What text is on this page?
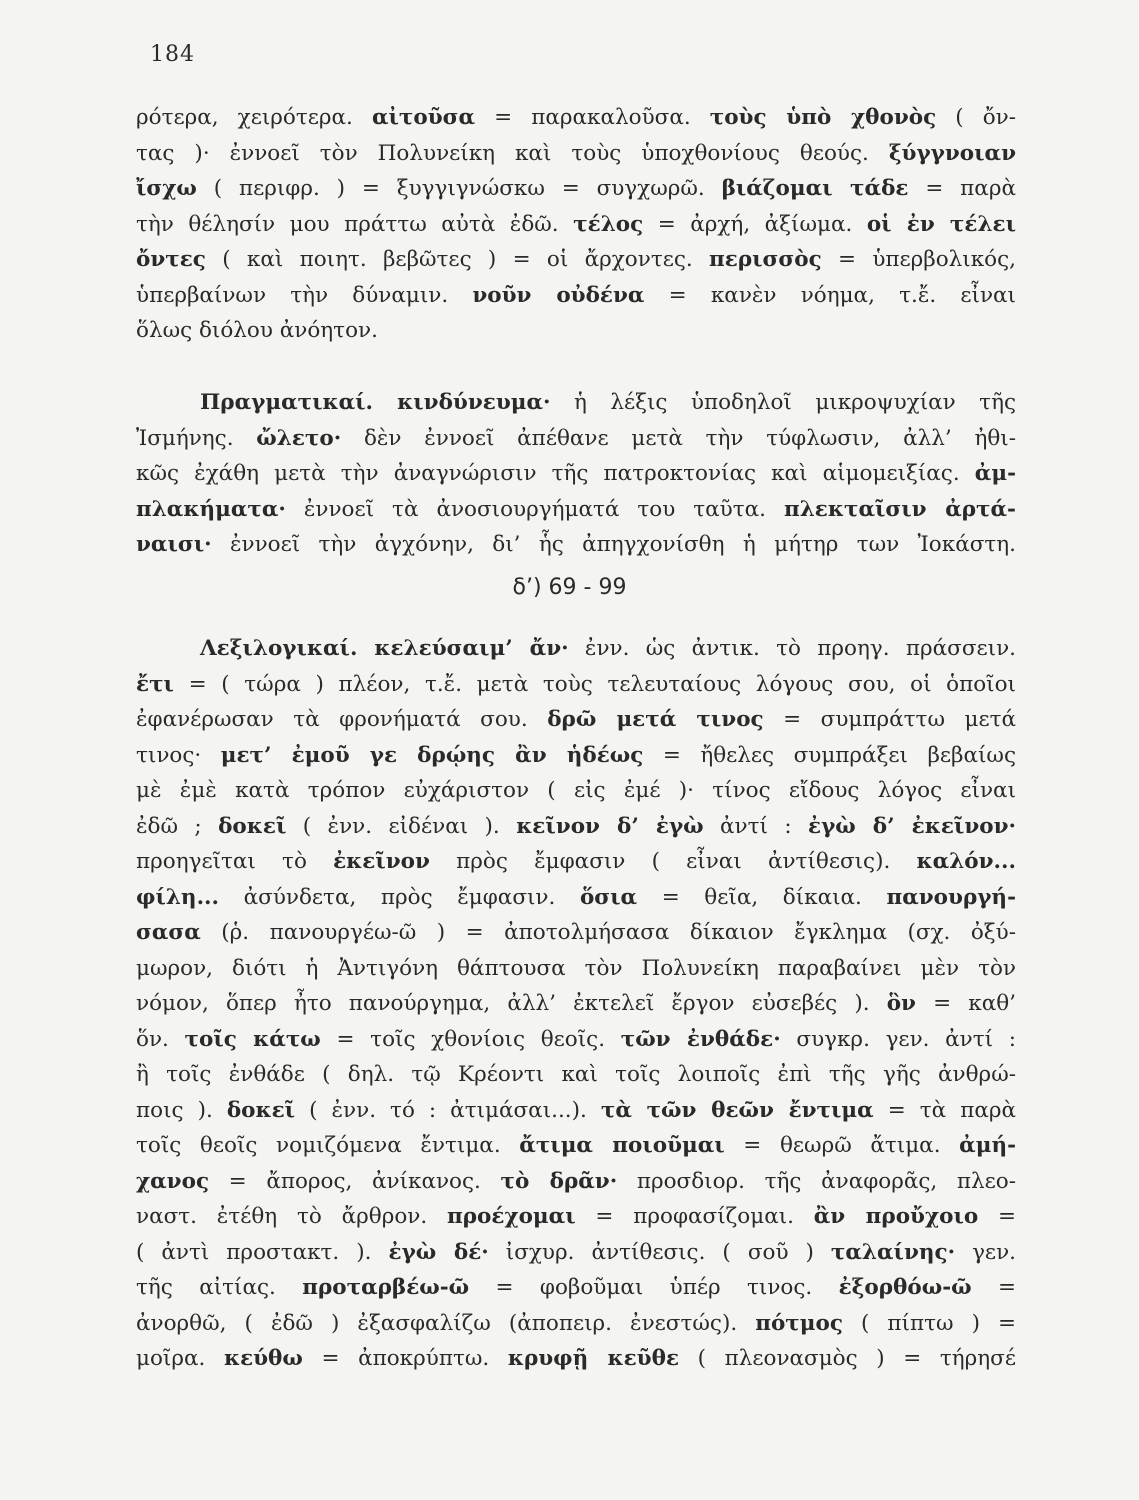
184
ρότερα, χειρότερα. αἰτοῦσα = παρακαλοῦσα. τοὺς ὑπὸ χθονὸς ( ὄν-
τας )· ἐννοεῖ τὸν Πολυνείκη καὶ τοὺς ὑποχθονίους θεούς. ξύγγνοιαν
ἴσχω ( περιφρ. ) = ξυγγιγνώσκω = συγχωρῶ. βιάζομαι τάδε = παρὰ
τὴν θέλησίν μου πράττω αὐτὰ ἐδῶ. τέλος = ἀρχή, ἀξίωμα. οἱ ἐν τέλει
ὄντες ( καὶ ποιητ. βεβῶτες ) = οἱ ἄρχοντες. περισσὸς = ὑπερβολικός,
ὑπερβαίνων τὴν δύναμιν. νοῦν οὐδένα = κανὲν νόημα, τ.ἔ. εἶναι
ὅλως διόλου ἀνόητον.
Πραγματικαί. κινδύνευμα· ἡ λέξις ὑποδηλοῖ μικροψυχίαν τῆς
Ἰσμήνης. ὤλετο· δὲν ἐννοεῖ ἀπέθανε μετὰ τὴν τύφλωσιν, ἀλλ’ ἠθι-
κῶς ἐχάθη μετὰ τὴν ἀναγνώρισιν τῆς πατροκτονίας καὶ αἱμομειξίας. ἀμ-
πλακήματα· ἐννοεῖ τὰ ἀνοσιουργήματά του ταῦτα. πλεκταῖσιν ἀρτά-
ναισι· ἐννοεῖ τὴν ἀγχόνην, δι’ ἧς ἀπηγχονίσθη ἡ μήτηρ των Ἰοκάστη.
δ’) 69 - 99
Λεξιλογικαί. κελεύσαιμ’ ἄν· ἐνν. ὡς ἀντικ. τὸ προηγ. πράσσειν.
ἔτι = ( τώρα ) πλέον, τ.ἔ. μετὰ τοὺς τελευταίους λόγους σου, οἱ ὁποῖοι
ἐφανέρωσαν τὰ φρονήματά σου. δρῶ μετά τινος = συμπράττω μετά
τινος· μετ’ ἐμοῦ γε δρῴης ἂν ἡδέως = ἤθελες συμπράξει βεβαίως
μὲ ἐμὲ κατὰ τρόπον εὐχάριστον ( εἰς ἐμέ )· τίνος εἴδους λόγος εἶναι
ἐδῶ ; δοκεῖ ( ἐνν. εἰδέναι ). κεῖνον δ’ ἐγὼ ἀντί : ἐγὼ δ’ ἐκεῖνον·
προηγεῖται τὸ ἐκεῖνον πρὸς ἔμφασιν ( εἶναι ἀντίθεσις). καλόν...
φίλη... ἀσύνδετα, πρὸς ἔμφασιν. ὅσια = θεῖα, δίκαια. πανουργή-
σασα (ῥ. πανουργέω-ῶ ) = ἀποτολμήσασα δίκαιον ἔγκλημα (σχ. ὀξύ-
μωρον, διότι ἡ Ἀντιγόνη θάπτουσα τὸν Πολυνείκη παραβαίνει μὲν τὸν
νόμον, ὅπερ ἦτο πανούργημα, ἀλλ’ ἐκτελεῖ ἔργον εὐσεβές ). ὃν = καθ’
ὅν. τοῖς κάτω = τοῖς χθονίοις θεοῖς. τῶν ἐνθάδε· συγκρ. γεν. ἀντί :
ἢ τοῖς ἐνθάδε ( δηλ. τῷ Κρέοντι καὶ τοῖς λοιποῖς ἐπὶ τῆς γῆς ἀνθρώ-
ποις ). δοκεῖ ( ἐνν. τό : ἀτιμάσαι...). τὰ τῶν θεῶν ἔντιμα = τὰ παρὰ
τοῖς θεοῖς νομιζόμενα ἔντιμα. ἄτιμα ποιοῦμαι = θεωρῶ ἄτιμα. ἀμή-
χανος = ἄπορος, ἀνίκανος. τὸ δρᾶν· προσδιορ. τῆς ἀναφορᾶς, πλεο-
ναστ. ἐτέθη τὸ ἄρθρον. προέχομαι = προφασίζομαι. ἂν προὔχοιο =
( ἀντὶ προστακτ. ). ἐγὼ δέ· ἰσχυρ. ἀντίθεσις. ( σοῦ ) ταλαίνης· γεν.
τῆς αἰτίας. προταρβέω-ῶ = φοβοῦμαι ὑπέρ τινος. ἐξορθόω-ῶ =
ἀνορθῶ, ( ἐδῶ ) ἐξασφαλίζω (ἀποπειρ. ἐνεστώς). πότμος ( πίπτω ) =
μοῖρα. κεύθω = ἀποκρύπτω. κρυφῇ κεῦθε ( πλεονασμὸς ) = τήρησέ
